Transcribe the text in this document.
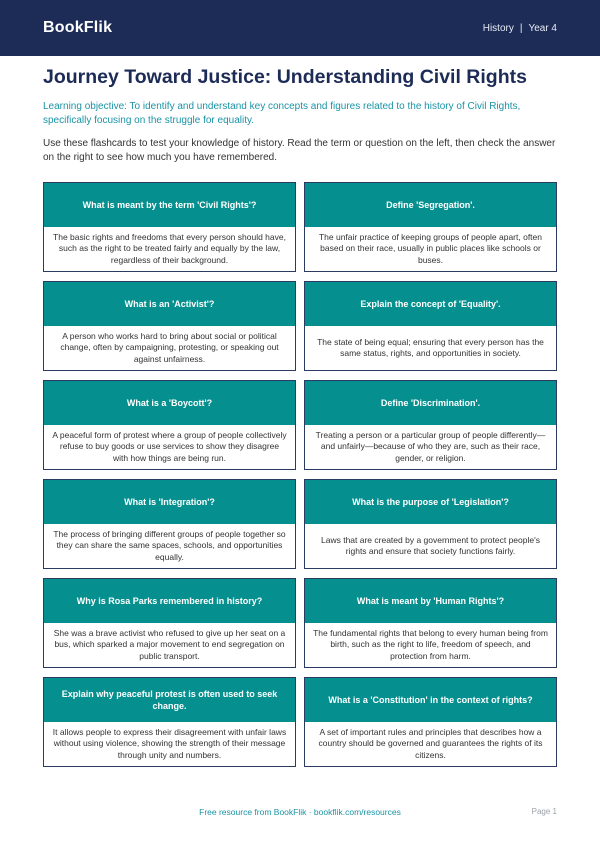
BookFlik	History | Year 4
Journey Toward Justice: Understanding Civil Rights

Learning objective: To identify and understand key concepts and figures related to the history of Civil Rights, specifically focusing on the struggle for equality.

Use these flashcards to test your knowledge of history. Read the term or question on the left, then check the answer on the right to see how much you have remembered.

What is meant by the term 'Civil Rights'?
The basic rights and freedoms that every person should have, such as the right to be treated fairly and equally by the law, regardless of their background.
Define 'Segregation'.
The unfair practice of keeping groups of people apart, often based on their race, usually in public places like schools or buses.
What is an 'Activist'?
A person who works hard to bring about social or political change, often by campaigning, protesting, or speaking out against unfairness.
Explain the concept of 'Equality'.
The state of being equal; ensuring that every person has the same status, rights, and opportunities in society.
What is a 'Boycott'?
A peaceful form of protest where a group of people collectively refuse to buy goods or use services to show they disagree with how things are being run.
Define 'Discrimination'.
Treating a person or a particular group of people differently—and unfairly—because of who they are, such as their race, gender, or religion.
What is 'Integration'?
The process of bringing different groups of people together so they can share the same spaces, schools, and opportunities equally.
What is the purpose of 'Legislation'?
Laws that are created by a government to protect people's rights and ensure that society functions fairly.
Why is Rosa Parks remembered in history?
She was a brave activist who refused to give up her seat on a bus, which sparked a major movement to end segregation on public transport.
What is meant by 'Human Rights'?
The fundamental rights that belong to every human being from birth, such as the right to life, freedom of speech, and protection from harm.
Explain why peaceful protest is often used to seek change.
It allows people to express their disagreement with unfair laws without using violence, showing the strength of their message through unity and numbers.
What is a 'Constitution' in the context of rights?
A set of important rules and principles that describes how a country should be governed and guarantees the rights of its citizens.
Free resource from BookFlik · bookflik.com/resources	Page 1
